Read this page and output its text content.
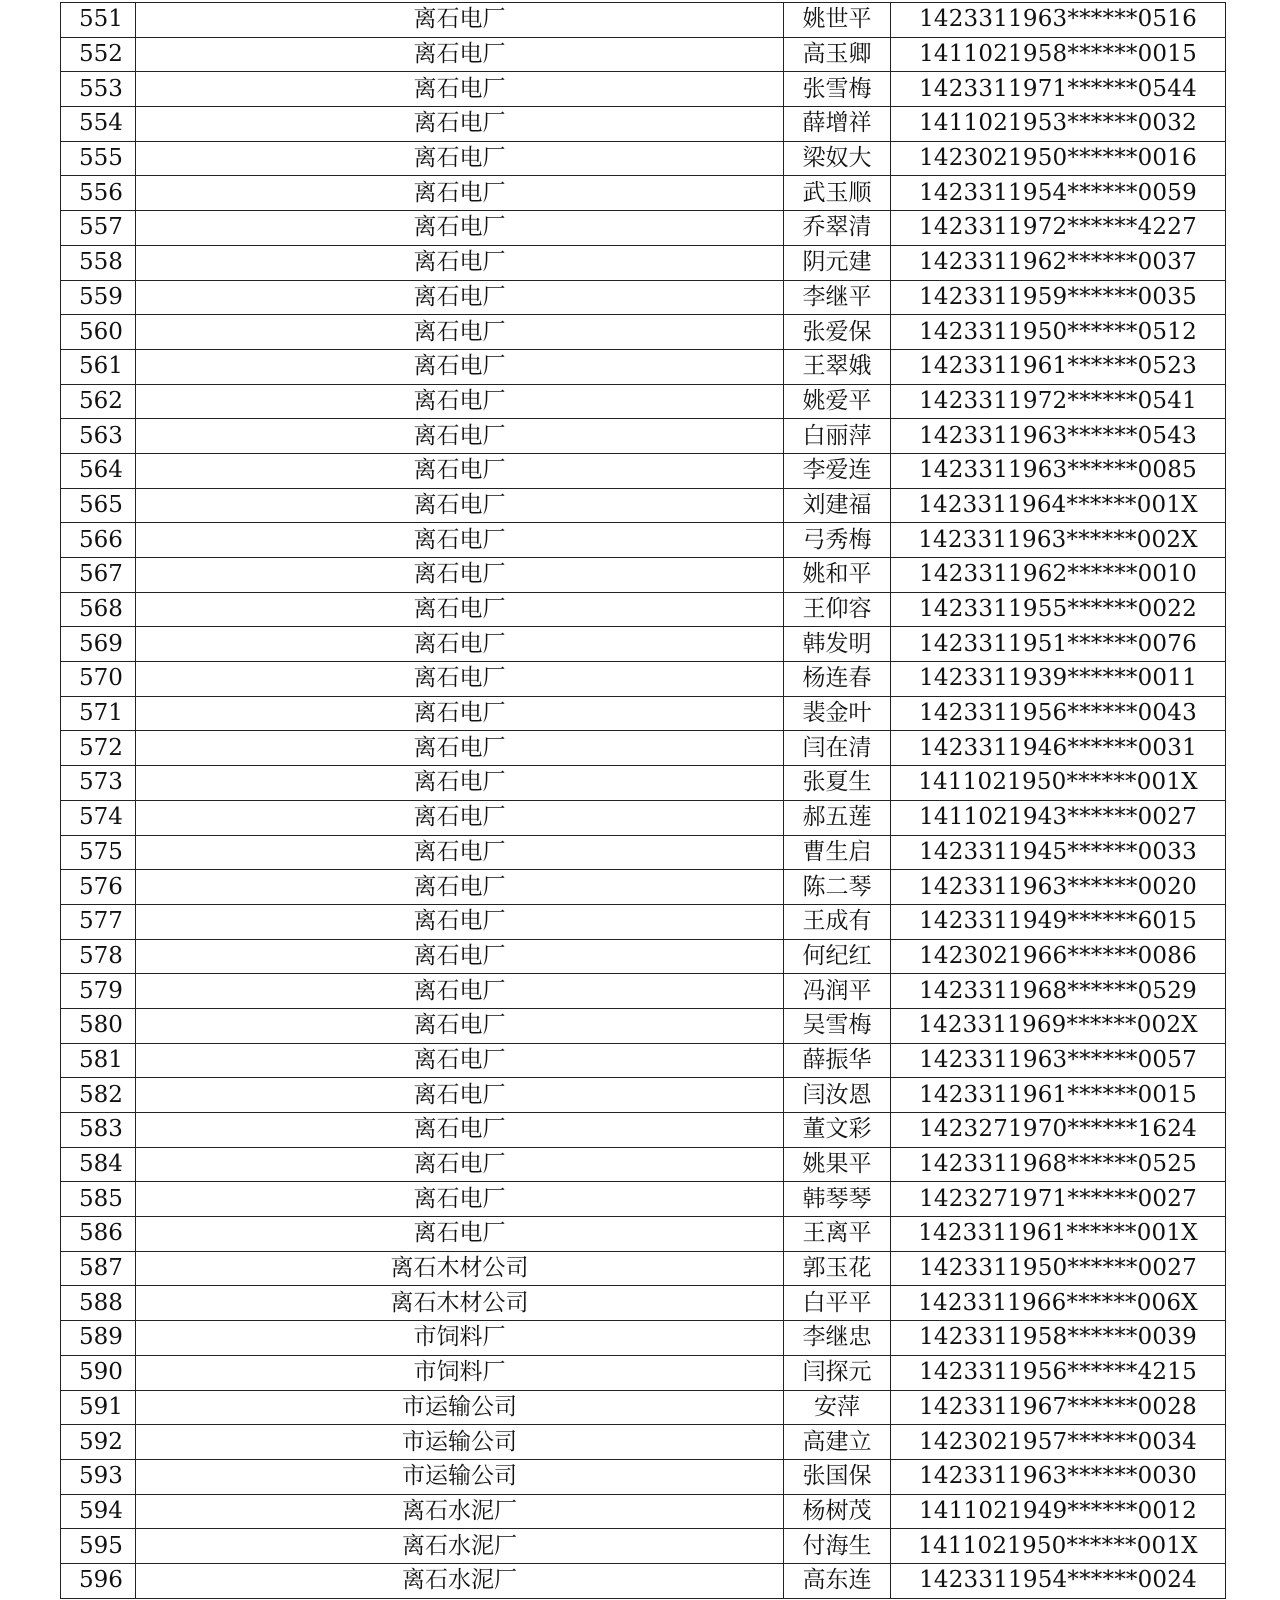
551	离石电厂	姚世平	1423311963******0516
552	离石电厂	高玉卿	1411021958******0015
553	离石电厂	张雪梅	1423311971******0544
554	离石电厂	薛增祥	1411021953******0032
555	离石电厂	梁奴大	1423021950******0016
556	离石电厂	武玉顺	1423311954******0059
557	离石电厂	乔翠清	1423311972******4227
558	离石电厂	阴元建	1423311962******0037
559	离石电厂	李继平	1423311959******0035
560	离石电厂	张爱保	1423311950******0512
561	离石电厂	王翠娥	1423311961******0523
562	离石电厂	姚爱平	1423311972******0541
563	离石电厂	白丽萍	1423311963******0543
564	离石电厂	李爱连	1423311963******0085
565	离石电厂	刘建福	1423311964******001X
566	离石电厂	弓秀梅	1423311963******002X
567	离石电厂	姚和平	1423311962******0010
568	离石电厂	王仰容	1423311955******0022
569	离石电厂	韩发明	1423311951******0076
570	离石电厂	杨连春	1423311939******0011
571	离石电厂	裴金叶	1423311956******0043
572	离石电厂	闫在清	1423311946******0031
573	离石电厂	张夏生	1411021950******001X
574	离石电厂	郝五莲	1411021943******0027
575	离石电厂	曹生启	1423311945******0033
576	离石电厂	陈二琴	1423311963******0020
577	离石电厂	王成有	1423311949******6015
578	离石电厂	何纪红	1423021966******0086
579	离石电厂	冯润平	1423311968******0529
580	离石电厂	吴雪梅	1423311969******002X
581	离石电厂	薛振华	1423311963******0057
582	离石电厂	闫汝恩	1423311961******0015
583	离石电厂	董文彩	1423271970******1624
584	离石电厂	姚果平	1423311968******0525
585	离石电厂	韩琴琴	1423271971******0027
586	离石电厂	王离平	1423311961******001X
587	离石木材公司	郭玉花	1423311950******0027
588	离石木材公司	白平平	1423311966******006X
589	市饲料厂	李继忠	1423311958******0039
590	市饲料厂	闫探元	1423311956******4215
591	市运输公司	安萍	1423311967******0028
592	市运输公司	高建立	1423021957******0034
593	市运输公司	张国保	1423311963******0030
594	离石水泥厂	杨树茂	1411021949******0012
595	离石水泥厂	付海生	1411021950******001X
596	离石水泥厂	高东连	1423311954******0024
